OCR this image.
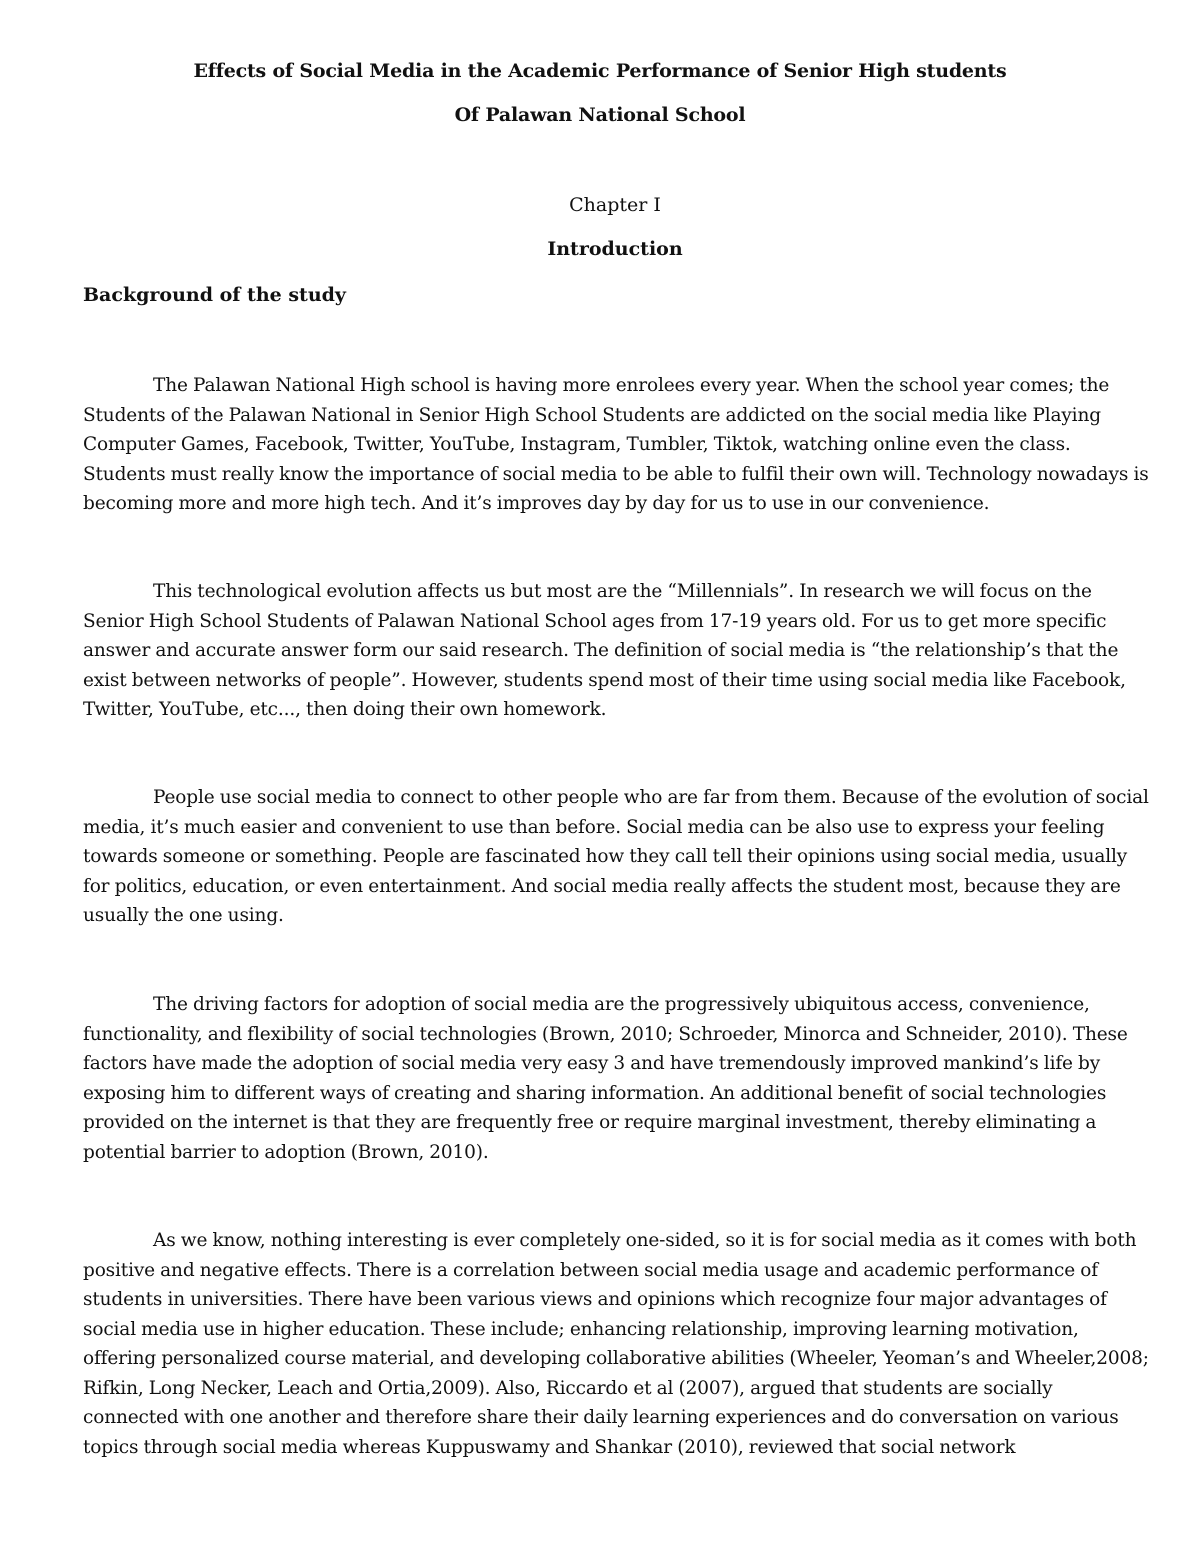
Effects of Social Media in the Academic Performance of Senior High students
Of Palawan National School
Chapter I
Introduction
Background of the study

The Palawan National High school is having more enrolees every year. When the school year comes; the Students of the Palawan National in Senior High School Students are addicted on the social media like Playing Computer Games, Facebook, Twitter, YouTube, Instagram, Tumbler, Tiktok, watching online even the class. Students must really know the importance of social media to be able to fulfil their own will. Technology nowadays is becoming more and more high tech. And it’s improves day by day for us to use in our convenience.

This technological evolution affects us but most are the “Millennials”. In research we will focus on the Senior High School Students of Palawan National School ages from 17-19 years old. For us to get more specific answer and accurate answer form our said research. The definition of social media is “the relationship’s that the exist between networks of people”. However, students spend most of their time using social media like Facebook, Twitter, YouTube, etc..., then doing their own homework.

People use social media to connect to other people who are far from them. Because of the evolution of social media, it’s much easier and convenient to use than before. Social media can be also use to express your feeling towards someone or something. People are fascinated how they call tell their opinions using social media, usually for politics, education, or even entertainment. And social media really affects the student most, because they are usually the one using.

The driving factors for adoption of social media are the progressively ubiquitous access, convenience, functionality, and flexibility of social technologies (Brown, 2010; Schroeder, Minorca and Schneider, 2010). These factors have made the adoption of social media very easy 3 and have tremendously improved mankind’s life by exposing him to different ways of creating and sharing information. An additional benefit of social technologies provided on the internet is that they are frequently free or require marginal investment, thereby eliminating a potential barrier to adoption (Brown, 2010).

As we know, nothing interesting is ever completely one-sided, so it is for social media as it comes with both positive and negative effects. There is a correlation between social media usage and academic performance of students in universities. There have been various views and opinions which recognize four major advantages of social media use in higher education. These include; enhancing relationship, improving learning motivation, offering personalized course material, and developing collaborative abilities (Wheeler, Yeoman’s and Wheeler,2008; Rifkin, Long Necker, Leach and Ortia,2009). Also, Riccardo et al (2007), argued that students are socially connected with one another and therefore share their daily learning experiences and do conversation on various topics through social media whereas Kuppuswamy and Shankar (2010), reviewed that social network
